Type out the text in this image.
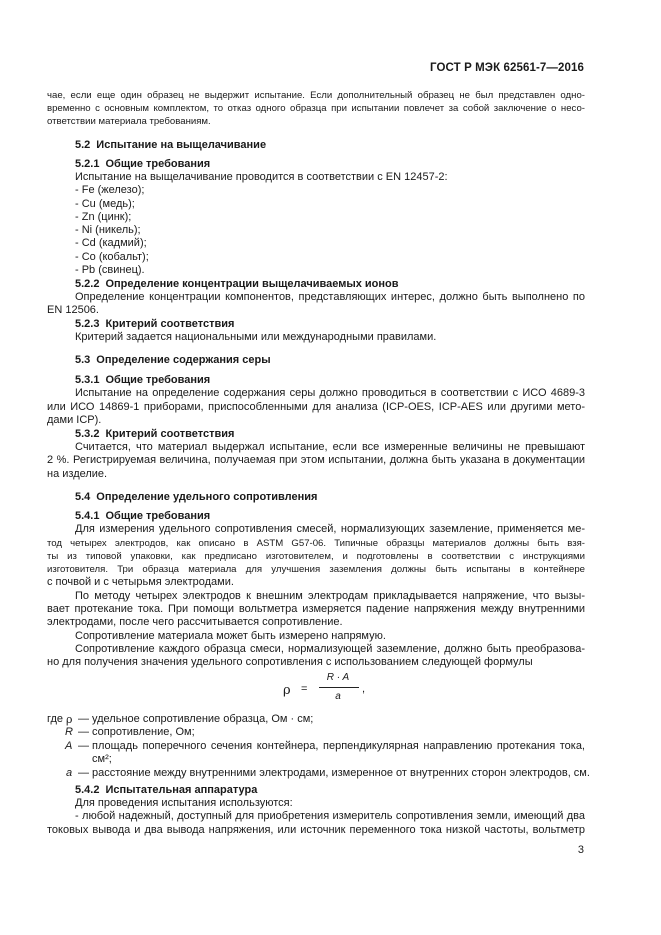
ГОСТ Р МЭК 62561-7—2016
чае, если еще один образец не выдержит испытание. Если дополнительный образец не был представлен одно-
временно с основным комплектом, то отказ одного образца при испытании повлечет за собой заключение о несо-
ответствии материала требованиям.
5.2 Испытание на выщелачивание
5.2.1 Общие требования
Испытание на выщелачивание проводится в соответствии с EN 12457-2:
- Fe (железо);
- Cu (медь);
- Zn (цинк);
- Ni (никель);
- Cd (кадмий);
- Co (кобальт);
- Pb (свинец).
5.2.2 Определение концентрации выщелачиваемых ионов
Определение концентрации компонентов, представляющих интерес, должно быть выполнено по
EN 12506.
5.2.3 Критерий соответствия
Критерий задается национальными или международными правилами.
5.3 Определение содержания серы
5.3.1 Общие требования
Испытание на определение содержания серы должно проводиться в соответствии с ИСО 4689-3
или ИСО 14869-1 приборами, приспособленными для анализа (ICP-OES, ICP-AES или другими мето-
дами ICP).
5.3.2 Критерий соответствия
Считается, что материал выдержал испытание, если все измеренные величины не превышают
2 %. Регистрируемая величина, получаемая при этом испытании, должна быть указана в документации
на изделие.
5.4 Определение удельного сопротивления
5.4.1 Общие требования
Для измерения удельного сопротивления смесей, нормализующих заземление, применяется ме-
тод четырех электродов, как описано в ASTM G57-06. Типичные образцы материалов должны быть взя-
ты из типовой упаковки, как предписано изготовителем, и подготовлены в соответствии с инструкциями
изготовителя. Три образца материала для улучшения заземления должны быть испытаны в контейнере
с почвой и с четырьмя электродами.
По методу четырех электродов к внешним электродам прикладывается напряжение, что вызы-
вает протекание тока. При помощи вольтметра измеряется падение напряжения между внутренними
электродами, после чего рассчитывается сопротивление.
Сопротивление материала может быть измерено напрямую.
Сопротивление каждого образца смеси, нормализующей заземление, должно быть преобразова-
но для получения значения удельного сопротивления с использованием следующей формулы
ρ =
R · A
a
,
где ρ — удельное сопротивление образца, Ом · см;
R — сопротивление, Ом;
A — площадь поперечного сечения контейнера, перпендикулярная направлению протекания тока,
см²;
a — расстояние между внутренними электродами, измеренное от внутренних сторон электродов, см.
5.4.2 Испытательная аппаратура
Для проведения испытания используются:
- любой надежный, доступный для приобретения измеритель сопротивления земли, имеющий два
токовых вывода и два вывода напряжения, или источник переменного тока низкой частоты, вольтметр
3
